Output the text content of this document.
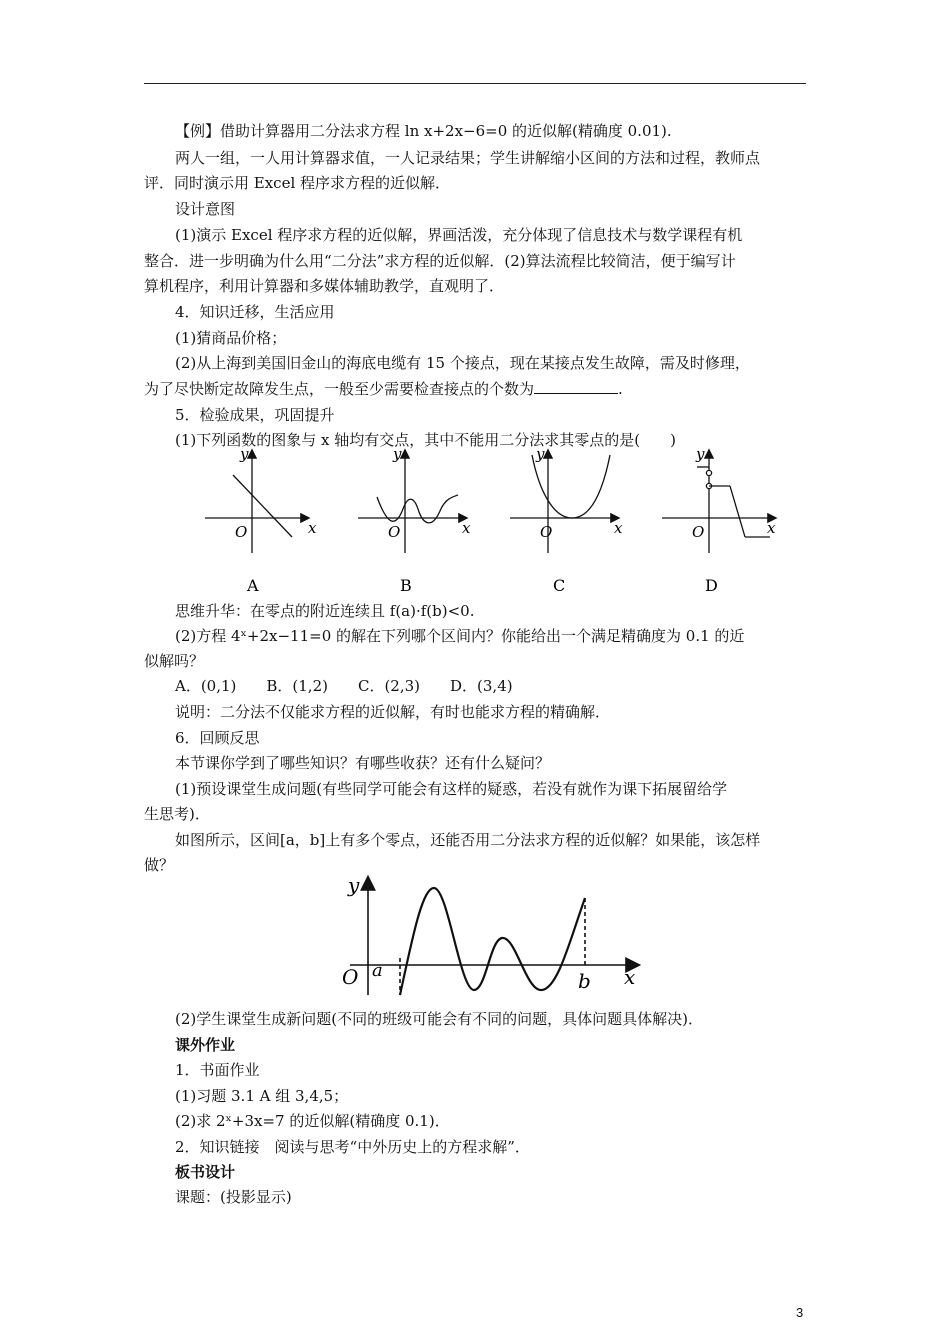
【例】借助计算器用二分法求方程 ln x+2x−6=0 的近似解(精确度 0.01).
两人一组，一人用计算器求值，一人记录结果；学生讲解缩小区间的方法和过程，教师点
评．同时演示用 Excel 程序求方程的近似解．
设计意图
(1)演示 Excel 程序求方程的近似解，界画活泼，充分体现了信息技术与数学课程有机
整合．进一步明确为什么用“二分法”求方程的近似解．(2)算法流程比较简洁，便于编写计
算机程序，利用计算器和多媒体辅助教学，直观明了．
4．知识迁移，生活应用
(1)猜商品价格；
(2)从上海到美国旧金山的海底电缆有 15 个接点，现在某接点发生故障，需及时修理，
为了尽快断定故障发生点，一般至少需要检查接点的个数为	.
5．检验成果，巩固提升
(1)下列函数的图象与 x 轴均有交点，其中不能用二分法求其零点的是(　　)
y
O	x
y
O	x
y
O	x
y
O	x
A	B	C	D
思维升华：在零点的附近连续且 f(a)·f(b)<0.
(2)方程 4ˣ+2x−11=0 的解在下列哪个区间内？你能给出一个满足精确度为 0.1 的近
似解吗？
A．(0,1)　　B．(1,2)　　C．(2,3)　　D．(3,4)
说明：二分法不仅能求方程的近似解，有时也能求方程的精确解．
6．回顾反思
本节课你学到了哪些知识？有哪些收获？还有什么疑问？
(1)预设课堂生成问题(有些同学可能会有这样的疑惑，若没有就作为课下拓展留给学
生思考)．
如图所示，区间[a，b]上有多个零点，还能否用二分法求方程的近似解？如果能，该怎样
做？
y
O a	b x
(2)学生课堂生成新问题(不同的班级可能会有不同的问题，具体问题具体解决)．
课外作业
1．书面作业
(1)习题 3.1 A 组 3,4,5；
(2)求 2ˣ+3x=7 的近似解(精确度 0.1)．
2．知识链接　阅读与思考“中外历史上的方程求解”．
板书设计
课题：(投影显示)
3
